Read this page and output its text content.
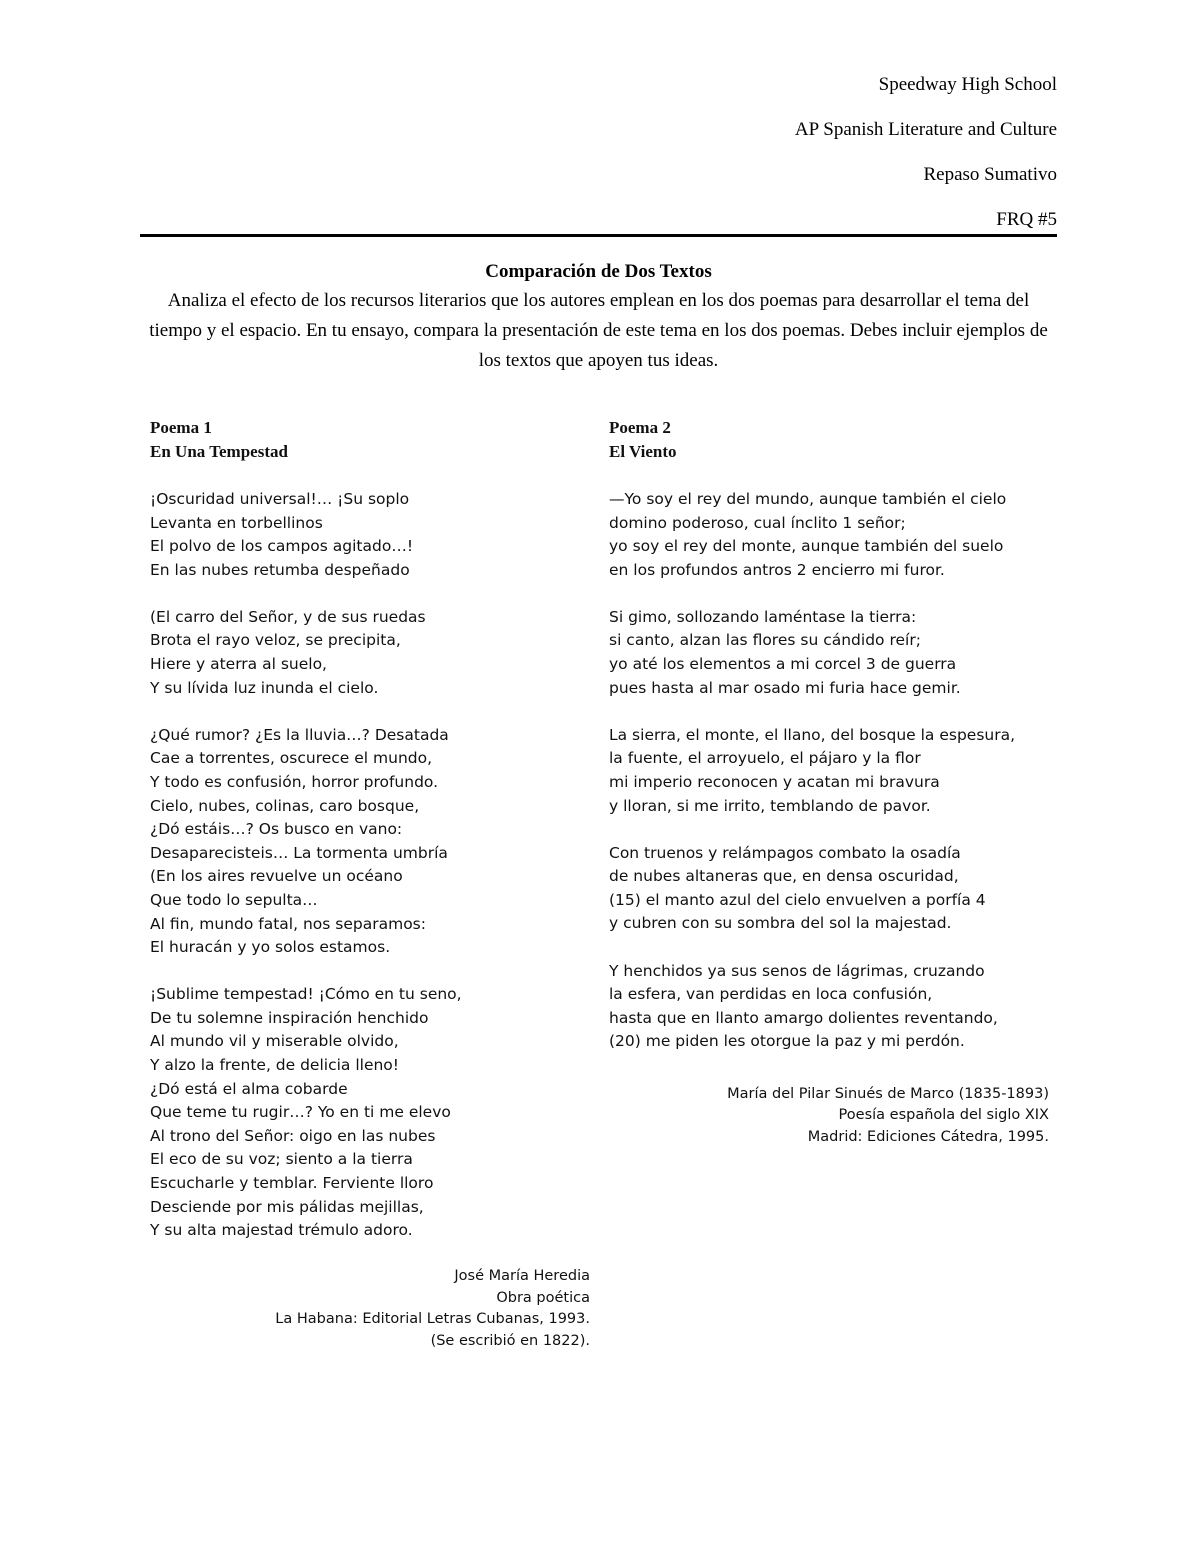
Speedway High School
AP Spanish Literature and Culture
Repaso Sumativo
FRQ #5
Comparación de Dos Textos
Analiza el efecto de los recursos literarios que los autores emplean en los dos poemas para desarrollar el tema del tiempo y el espacio. En tu ensayo, compara la presentación de este tema en los dos poemas. Debes incluir ejemplos de los textos que apoyen tus ideas.
Poema 1
En Una Tempestad
¡Oscuridad universal!… ¡Su soplo
Levanta en torbellinos
El polvo de los campos agitado…!
En las nubes retumba despeñado
(El carro del Señor, y de sus ruedas
Brota el rayo veloz, se precipita,
Hiere y aterra al suelo,
Y su lívida luz inunda el cielo.
¿Qué rumor? ¿Es la lluvia…? Desatada
Cae a torrentes, oscurece el mundo,
Y todo es confusión, horror profundo.
Cielo, nubes, colinas, caro bosque,
¿Dó estáis…? Os busco en vano:
Desaparecisteis… La tormenta umbría
(En los aires revuelve un océano
Que todo lo sepulta…
Al fin, mundo fatal, nos separamos:
El huracán y yo solos estamos.
¡Sublime tempestad! ¡Cómo en tu seno,
De tu solemne inspiración henchido
Al mundo vil y miserable olvido,
Y alzo la frente, de delicia lleno!
¿Dó está el alma cobarde
Que teme tu rugir…? Yo en ti me elevo
Al trono del Señor: oigo en las nubes
El eco de su voz; siento a la tierra
Escucharle y temblar. Ferviente lloro
Desciende por mis pálidas mejillas,
Y su alta majestad trémulo adoro.
José María Heredia
Obra poética
La Habana: Editorial Letras Cubanas, 1993.
(Se escribió en 1822).
Poema 2
El Viento
—Yo soy el rey del mundo, aunque también el cielo
domino poderoso, cual ínclito 1 señor;
yo soy el rey del monte, aunque también del suelo
en los profundos antros 2 encierro mi furor.
Si gimo, sollozando laméntase la tierra:
si canto, alzan las flores su cándido reír;
yo até los elementos a mi corcel 3 de guerra
pues hasta al mar osado mi furia hace gemir.
La sierra, el monte, el llano, del bosque la espesura,
la fuente, el arroyuelo, el pájaro y la flor
mi imperio reconocen y acatan mi bravura
y lloran, si me irrito, temblando de pavor.
Con truenos y relámpagos combato la osadía
de nubes altaneras que, en densa oscuridad,
(15) el manto azul del cielo envuelven a porfía 4
y cubren con su sombra del sol la majestad.
Y henchidos ya sus senos de lágrimas, cruzando
la esfera, van perdidas en loca confusión,
hasta que en llanto amargo dolientes reventando,
(20) me piden les otorgue la paz y mi perdón.
María del Pilar Sinués de Marco (1835-1893)
Poesía española del siglo XIX
Madrid: Ediciones Cátedra, 1995.
